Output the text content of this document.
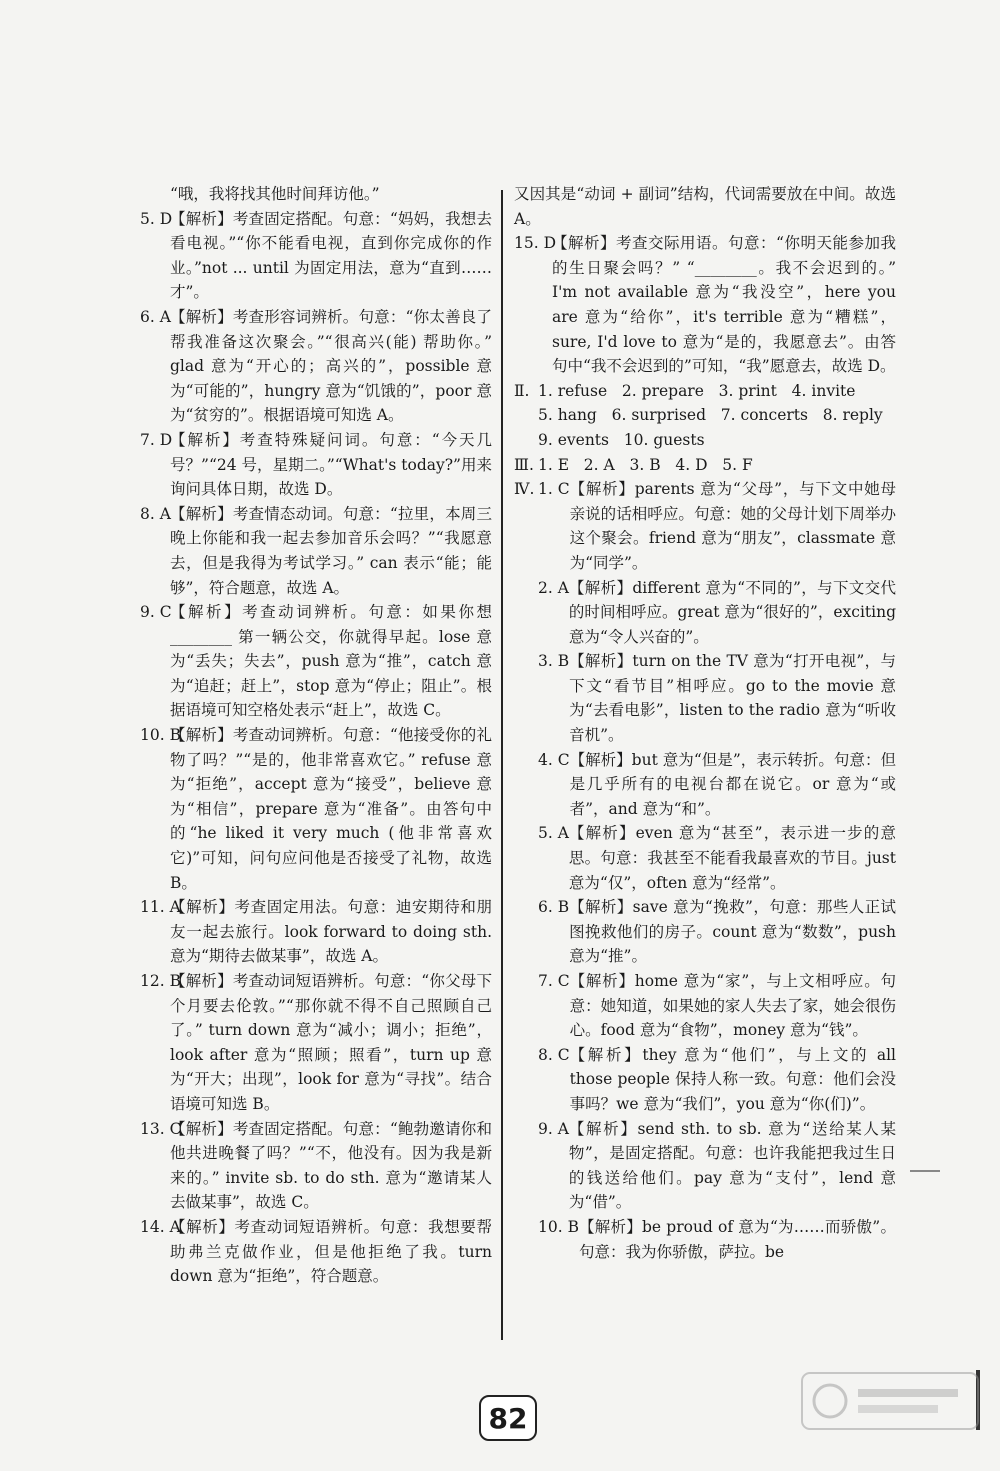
“哦，我将找其他时间拜访他。”
5. D
【解析】考查固定搭配。句意：“妈妈，我想去看电视。”“你不能看电视，直到你完成你的作业。”not ... until 为固定用法，意为“直到……才”。
6. A 【解析】考查形容词辨析。句意：“你太善良了帮我准备这次聚会。”“很高兴(能) 帮助你。” glad 意为“开心的；高兴的”，possible 意为“可能的”，hungry 意为“饥饿的”，poor 意为“贫穷的”。根据语境可知选 A。
7. D
【解析】考查特殊疑问词。句意：“今天几号？”“24 号，星期二。”“What's today?”用来询问具体日期，故选 D。
8. A 【解析】考查情态动词。句意：“拉里，本周三晚上你能和我一起去参加音乐会吗？”“我愿意去，但是我得为考试学习。” can 表示“能；能够”，符合题意，故选 A。
9. C
【解析】考查动词辨析。句意：如果你想 ________ 第一辆公交，你就得早起。lose 意为“丢失；失去”，push 意为“推”，catch 意为“追赶；赶上”，stop 意为“停止；阻止”。根据语境可知空格处表示“赶上”，故选 C。
10. B
【解析】考查动词辨析。句意：“他接受你的礼物了吗？”“是的，他非常喜欢它。” refuse 意为“拒绝”，accept 意为“接受”，believe 意为“相信”，prepare 意为“准备”。由答句中的“he liked it very much (他非常喜欢它)”可知，问句应问他是否接受了礼物，故选 B。
11. A
【解析】考查固定用法。句意：迪安期待和朋友一起去旅行。look forward to doing sth. 意为“期待去做某事”，故选 A。
12. B
【解析】考查动词短语辨析。句意：“你父母下个月要去伦敦。”“那你就不得不自己照顾自己了。” turn down 意为“减小；调小；拒绝”，look after 意为“照顾；照看”，turn up 意为“开大；出现”，look for 意为“寻找”。结合语境可知选 B。
13. C
【解析】考查固定搭配。句意：“鲍勃邀请你和他共进晚餐了吗？”“不，他没有。因为我是新来的。” invite sb. to do sth. 意为“邀请某人去做某事”，故选 C。
14. A
【解析】考查动词短语辨析。句意：我想要帮助弗兰克做作业，但是他拒绝了我。turn down 意为“拒绝”，符合题意。
又因其是“动词 + 副词”结构，代词需要放在中间。故选 A。
15. D
【解析】考查交际用语。句意：“你明天能参加我的生日聚会吗？” “________。我不会迟到的。” I'm not available 意为“我没空”，here you are 意为“给你”，it's terrible 意为“糟糕”，sure, I'd love to 意为“是的，我愿意去”。由答句中“我不会迟到的”可知，“我”愿意去，故选 D。
Ⅱ. 1. refuse   2. prepare   3. print   4. invite
5. hang   6. surprised   7. concerts   8. reply
9. events   10. guests
Ⅲ. 1. E   2. A   3. B   4. D   5. F
Ⅳ. 1. C 【解析】parents 意为“父母”，与下文中她母亲说的话相呼应。句意：她的父母计划下周举办这个聚会。friend 意为“朋友”，classmate 意为“同学”。
2. A 【解析】different 意为“不同的”，与下文交代的时间相呼应。great 意为“很好的”，exciting 意为“令人兴奋的”。
3. B 【解析】turn on the TV 意为“打开电视”，与下文“看节目”相呼应。go to the movie 意为“去看电影”，listen to the radio 意为“听收音机”。
4. C 【解析】but 意为“但是”，表示转折。句意：但是几乎所有的电视台都在说它。or 意为“或者”，and 意为“和”。
5. A 【解析】even 意为“甚至”，表示进一步的意思。句意：我甚至不能看我最喜欢的节目。just 意为“仅”，often 意为“经常”。
6. B 【解析】save 意为“挽救”，句意：那些人正试图挽救他们的房子。count 意为“数数”，push 意为“推”。
7. C 【解析】home 意为“家”，与上文相呼应。句意：她知道，如果她的家人失去了家，她会很伤心。food 意为“食物”，money 意为“钱”。
8. C 【解析】they 意为“他们”，与上文的 all those people 保持人称一致。句意：他们会没事吗？we 意为“我们”，you 意为“你(们)”。
9. A 【解析】send sth. to sb. 意为“送给某人某物”，是固定搭配。句意：也许我能把我过生日的钱送给他们。pay 意为“支付”，lend 意为“借”。
10. B 【解析】be proud of 意为“为……而骄傲”。句意：我为你骄傲，萨拉。be
82
